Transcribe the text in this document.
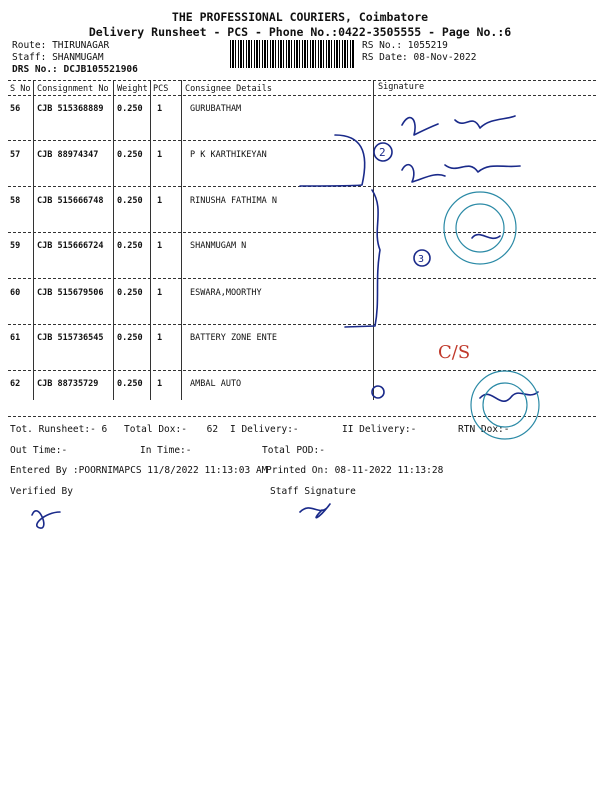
THE PROFESSIONAL COURIERS, Coimbatore
Delivery Runsheet - PCS - Phone No.:0422-3505555 - Page No.:6
Route: THIRUNAGAR
Staff: SHANMUGAM
DRS No.: DCJB105521906
RS No.: 1055219
RS Date: 08-Nov-2022
S No Consignment No Weight PCS Consignee Details	Signature
56 CJB 515368889 0.250 1	GURUBATHAM
57 CJB 88974347 0.250 1	P K KARTHIKEYAN
58 CJB 515666748 0.250 1	RINUSHA FATHIMA N
59 CJB 515666724 0.250 1	SHANMUGAM N
60 CJB 515679506 0.250 1	ESWARA,MOORTHY
61 CJB 515736545 0.250 1	BATTERY ZONE ENTE
62 CJB 88735729 0.250 1	AMBAL AUTO
Tot. Runsheet:- 6 Total Dox:- 62 I Delivery:-	II Delivery:-	RTN Dox:-
Out Time:-	In Time:-	Total POD:-
Entered By :POORNIMAPCS 11/8/2022 11:13:03 AM
Printed On: 08-11-2022 11:13:28
Verified By	Staff Signature
2
3
C/S
